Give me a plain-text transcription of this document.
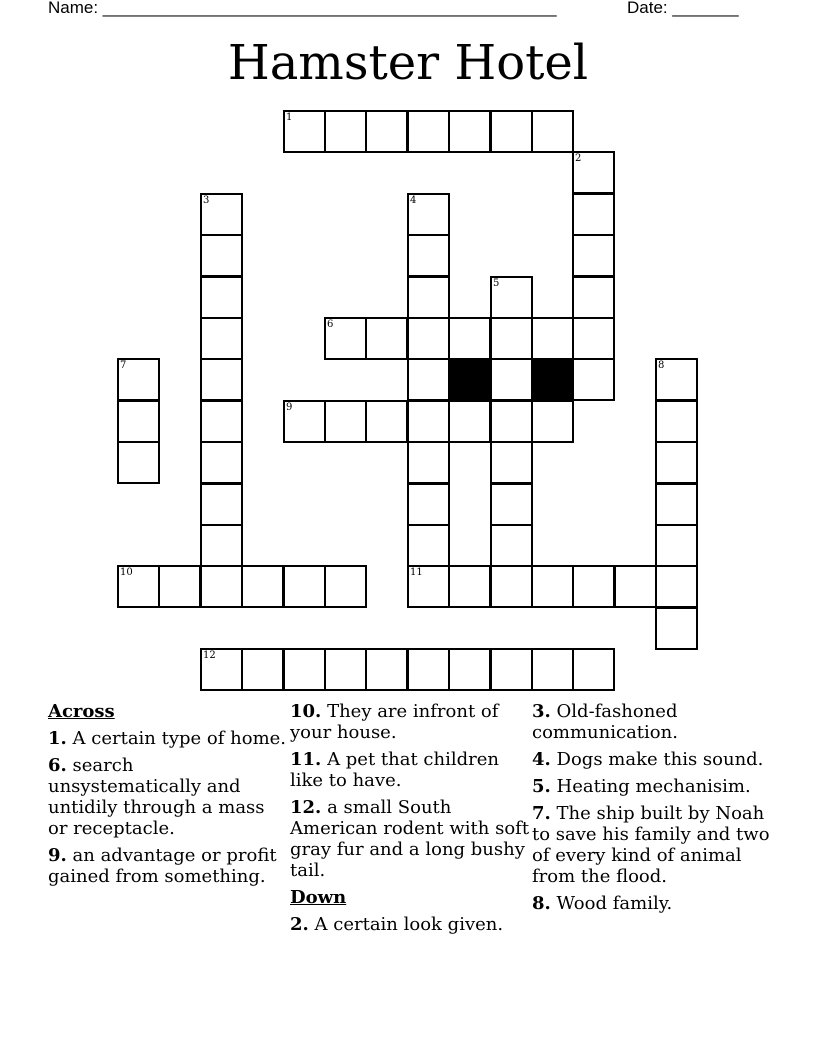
Name: ________________________________________________	Date: _______
Hamster Hotel
1
2
3	4
11
5
6
7	8
9
10
12
Across
1. A certain type of home.
6. search unsystematically and untidily through a mass or receptacle.
9. an advantage or profit gained from something.
10. They are infront of your house.
11. A pet that children like to have.
12. a small South American rodent with soft gray fur and a long bushy tail.
Down
2. A certain look given.
3. Old-fashoned communication.
4. Dogs make this sound.
5. Heating mechanisim.
7. The ship built by Noah to save his family and two of every kind of animal from the flood.
8. Wood family.
